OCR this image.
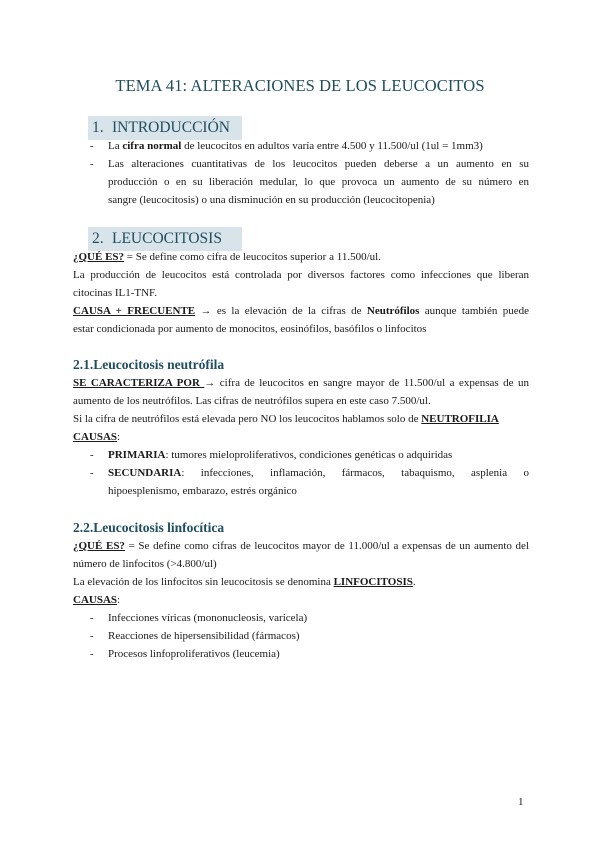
TEMA 41: ALTERACIONES DE LOS LEUCOCITOS
1. INTRODUCCIÓN
- La cifra normal de leucocitos en adultos varía entre 4.500 y 11.500/ul (1ul = 1mm3)
- Las alteraciones cuantitativas de los leucocitos pueden deberse a un aumento en su
producción o en su liberación medular, lo que provoca un aumento de su número en
sangre (leucocitosis) o una disminución en su producción (leucocitopenia)
2. LEUCOCITOSIS
¿QUÉ ES? = Se define como cifra de leucocitos superior a 11.500/ul.
La producción de leucocitos está controlada por diversos factores como infecciones que liberan
citocinas IL1-TNF.
CAUSA + FRECUENTE → es la elevación de la cifras de Neutrófilos aunque también puede
estar condicionada por aumento de monocitos, eosinófilos, basófilos o linfocitos
2.1.Leucocitosis neutrófila
SE CARACTERIZA POR → cifra de leucocitos en sangre mayor de 11.500/ul a expensas de un
aumento de los neutrófilos. Las cifras de neutrófilos supera en este caso 7.500/ul.
Si la cifra de neutrófilos está elevada pero NO los leucocitos hablamos solo de NEUTROFILIA
CAUSAS:
- PRIMARIA: tumores mieloproliferativos, condiciones genéticas o adquiridas
- SECUNDARIA: infecciones, inflamación, fármacos, tabaquismo, asplenia o
hipoesplenismo, embarazo, estrés orgánico
2.2.Leucocitosis linfocítica
¿QUÉ ES? = Se define como cifras de leucocitos mayor de 11.000/ul a expensas de un aumento del
número de linfocitos (>4.800/ul)
La elevación de los linfocitos sin leucocitosis se denomina LINFOCITOSIS.
CAUSAS:
- Infecciones víricas (mononucleosis, varicela)
- Reacciones de hipersensibilidad (fármacos)
- Procesos linfoproliferativos (leucemia)
1
